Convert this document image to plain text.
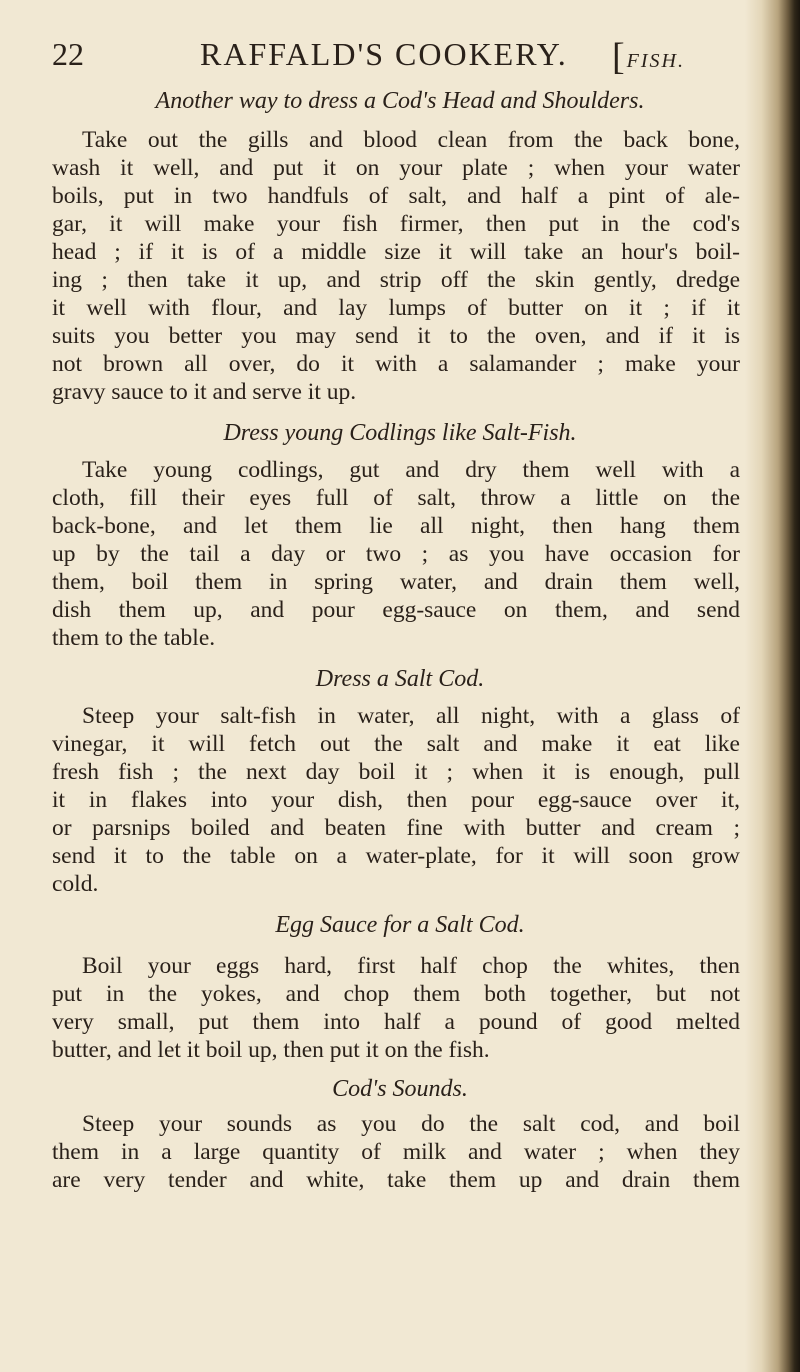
22	RAFFALD'S COOKERY. [ FISH.
Another way to dress a Cod's Head and Shoulders.
Take out the gills and blood clean from the back bone,
wash it well, and put it on your plate ; when your water
boils, put in two handfuls of salt, and half a pint of ale-
gar, it will make your fish firmer, then put in the cod's
head ; if it is of a middle size it will take an hour's boil-
ing ; then take it up, and strip off the skin gently, dredge
it well with flour, and lay lumps of butter on it ; if it
suits you better you may send it to the oven, and if it is
not brown all over, do it with a salamander ; make your
gravy sauce to it and serve it up.
Dress young Codlings like Salt-Fish.
Take young codlings, gut and dry them well with a
cloth, fill their eyes full of salt, throw a little on the
back-bone, and let them lie all night, then hang them
up by the tail a day or two ; as you have occasion for
them, boil them in spring water, and drain them well,
dish them up, and pour egg-sauce on them, and send
them to the table.
Dress a Salt Cod.
Steep your salt-fish in water, all night, with a glass of
vinegar, it will fetch out the salt and make it eat like
fresh fish ; the next day boil it ; when it is enough, pull
it in flakes into your dish, then pour egg-sauce over it,
or parsnips boiled and beaten fine with butter and cream ;
send it to the table on a water-plate, for it will soon grow
cold.
Egg Sauce for a Salt Cod.
Boil your eggs hard, first half chop the whites, then
put in the yokes, and chop them both together, but not
very small, put them into half a pound of good melted
butter, and let it boil up, then put it on the fish.
Cod's Sounds.
Steep your sounds as you do the salt cod, and boil
them in a large quantity of milk and water ; when they
are very tender and white, take them up and drain them
